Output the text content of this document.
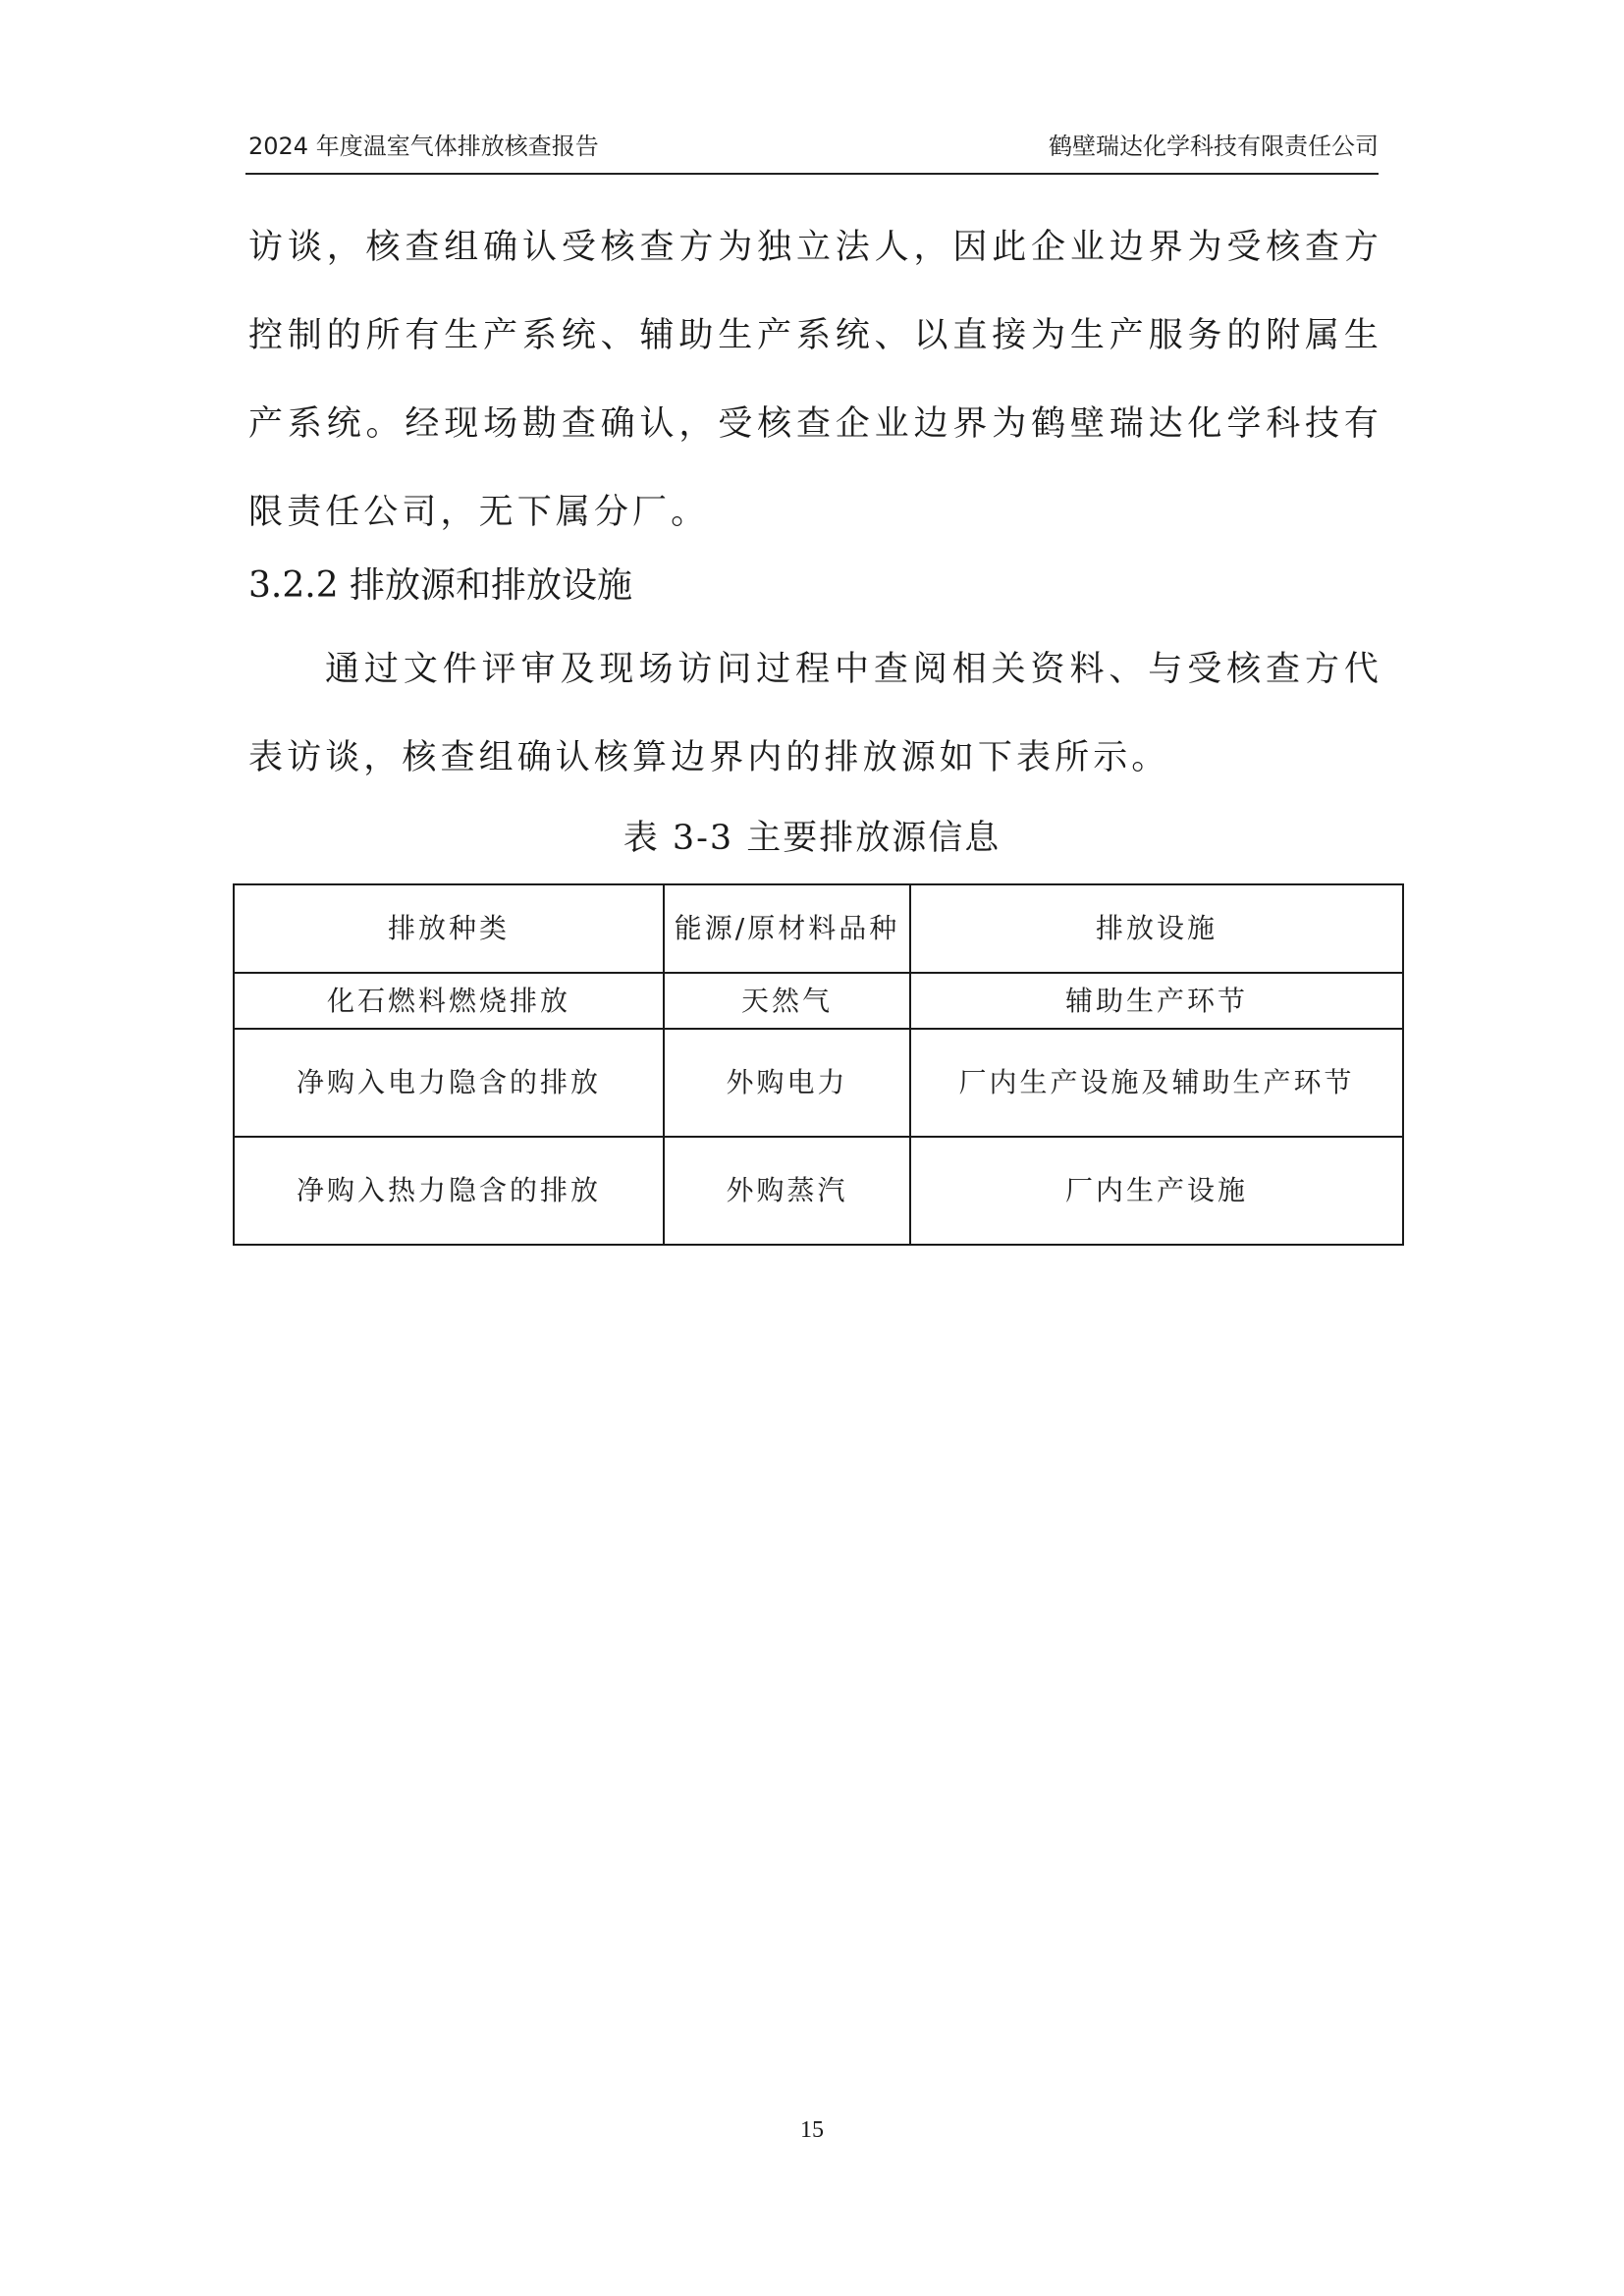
2024 年度温室气体排放核查报告	鹤壁瑞达化学科技有限责任公司

访谈，核查组确认受核查方为独立法人，因此企业边界为受核查方控制的所有生产系统、辅助生产系统、以直接为生产服务的附属生产系统。经现场勘查确认，受核查企业边界为鹤壁瑞达化学科技有限责任公司，无下属分厂。

3.2.2 排放源和排放设施

通过文件评审及现场访问过程中查阅相关资料、与受核查方代表访谈，核查组确认核算边界内的排放源如下表所示。

表 3-3 主要排放源信息
排放种类	能源/原材料品种	排放设施
化石燃料燃烧排放	天然气	辅助生产环节
净购入电力隐含的排放	外购电力	厂内生产设施及辅助生产环节
净购入热力隐含的排放	外购蒸汽	厂内生产设施
15
